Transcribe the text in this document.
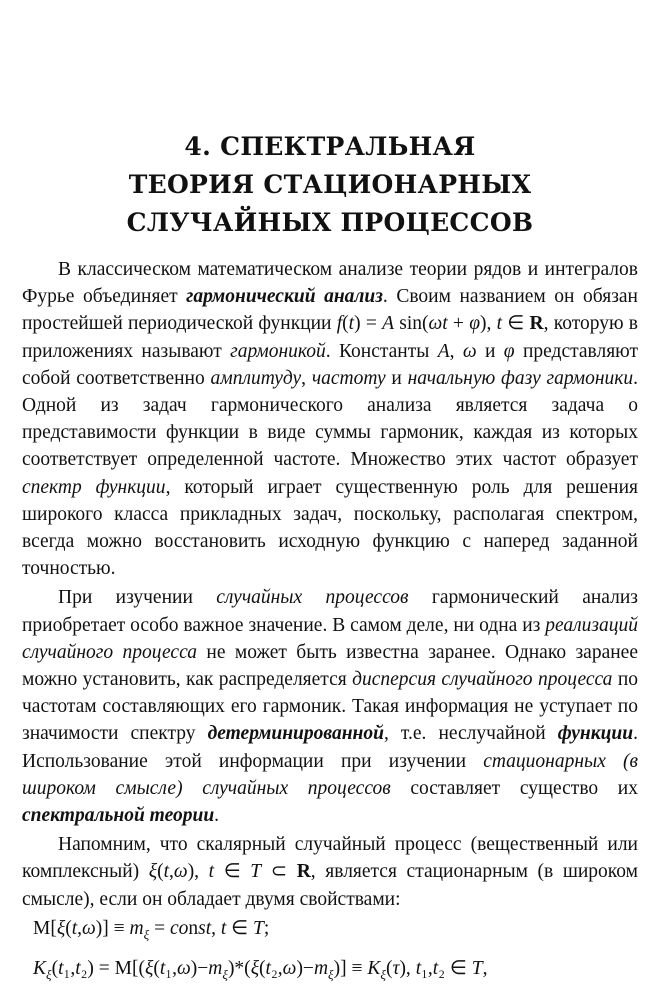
4. СПЕКТРАЛЬНАЯ
ТЕОРИЯ СТАЦИОНАРНЫХ
СЛУЧАЙНЫХ ПРОЦЕССОВ

В классическом математическом анализе теории рядов и интегралов Фурье объединяет гармонический анализ. Своим названием он обязан простейшей периодической функции f(t) = A sin(ωt + φ), t ∈ R, которую в приложениях называют гармоникой. Константы A, ω и φ представляют собой соответственно амплитуду, частоту и начальную фазу гармоники. Одной из задач гармонического анализа является задача о представимости функции в виде суммы гармоник, каждая из которых соответствует определенной частоте. Множество этих частот образует спектр функции, который играет существенную роль для решения широкого класса прикладных задач, поскольку, располагая спектром, всегда можно восстановить исходную функцию с наперед заданной точностью.

При изучении случайных процессов гармонический анализ приобретает особо важное значение. В самом деле, ни одна из реализаций случайного процесса не может быть известна заранее. Однако заранее можно установить, как распределяется дисперсия случайного процесса по частотам составляющих его гармоник. Такая информация не уступает по значимости спектру детерминированной, т.е. неслучайной функции. Использование этой информации при изучении стационарных (в широком смысле) случайных процессов составляет существо их спектральной теории.

Напомним, что скалярный случайный процесс (вещественный или комплексный) ξ(t,ω), t ∈ T ⊂ R, является стационарным (в широком смысле), если он обладает двумя свойствами:

$M[\xi(t,\omega)] \equiv m_\xi$ = const, t ∈ T;
$K_\xi(t_1,t_2) = M[(\xi(t_1,\omega)-m_\xi)*(\xi(t_2,\omega)-m_\xi)] \equiv K_\xi(\tau)$, t₁,t₂ ∈ T,
